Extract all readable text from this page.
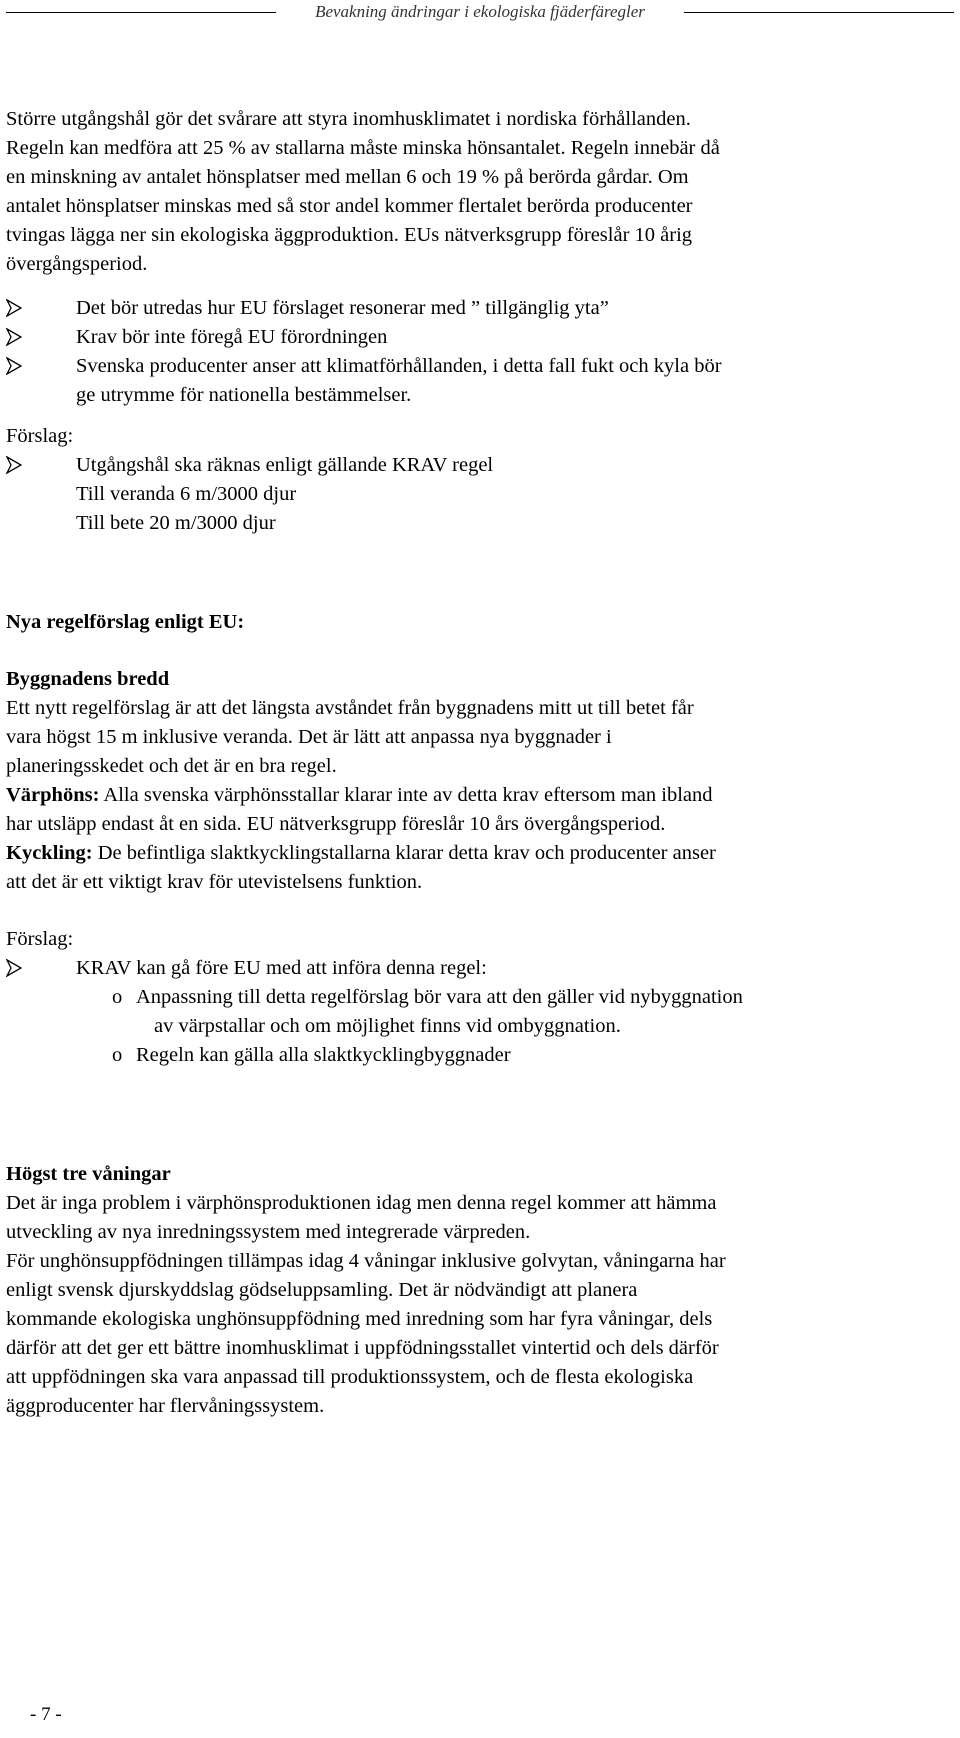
Bevakning ändringar i ekologiska fjäderfäregler

Större utgångshål gör det svårare att styra inomhusklimatet i nordiska förhållanden.

Regeln kan medföra att 25 % av stallarna måste minska hönsantalet. Regeln innebär då

en minskning av antalet hönsplatser med mellan 6 och 19 % på berörda gårdar. Om

antalet hönsplatser minskas med så stor andel kommer flertalet berörda producenter

tvingas lägga ner sin ekologiska äggproduktion. EUs nätverksgrupp föreslår 10 årig

övergångsperiod.

Det bör utredas hur EU förslaget resonerar med ” tillgänglig yta”
Krav bör inte föregå EU förordningen
Svenska producenter anser att klimatförhållanden, i detta fall fukt och kyla bör
ge utrymme för nationella bestämmelser.

Förslag:

Utgångshål ska räknas enligt gällande KRAV regel
Till veranda 6 m/3000 djur
Till bete 20 m/3000 djur

Nya regelförslag enligt EU:

Byggnadens bredd

Ett nytt regelförslag är att det längsta avståndet från byggnadens mitt ut till betet får

vara högst 15 m inklusive veranda. Det är lätt att anpassa nya byggnader i

planeringsskedet och det är en bra regel.

Värphöns: Alla svenska värphönsstallar klarar inte av detta krav eftersom man ibland

har utsläpp endast åt en sida. EU nätverksgrupp föreslår 10 års övergångsperiod.

Kyckling: De befintliga slaktkycklingstallarna klarar detta krav och producenter anser

att det är ett viktigt krav för utevistelsens funktion.

Förslag:

KRAV kan gå före EU med att införa denna regel:
o Anpassning till detta regelförslag bör vara att den gäller vid nybyggnation
av värpstallar och om möjlighet finns vid ombyggnation.
o Regeln kan gälla alla slaktkycklingbyggnader

Högst tre våningar

Det är inga problem i värphönsproduktionen idag men denna regel kommer att hämma

utveckling av nya inredningssystem med integrerade värpreden.

För unghönsuppfödningen tillämpas idag 4 våningar inklusive golvytan, våningarna har

enligt svensk djurskyddslag gödseluppsamling. Det är nödvändigt att planera

kommande ekologiska unghönsuppfödning med inredning som har fyra våningar, dels

därför att det ger ett bättre inomhusklimat i uppfödningsstallet vintertid och dels därför

att uppfödningen ska vara anpassad till produktionssystem, och de flesta ekologiska

äggproducenter har flervåningssystem.

- 7 -
